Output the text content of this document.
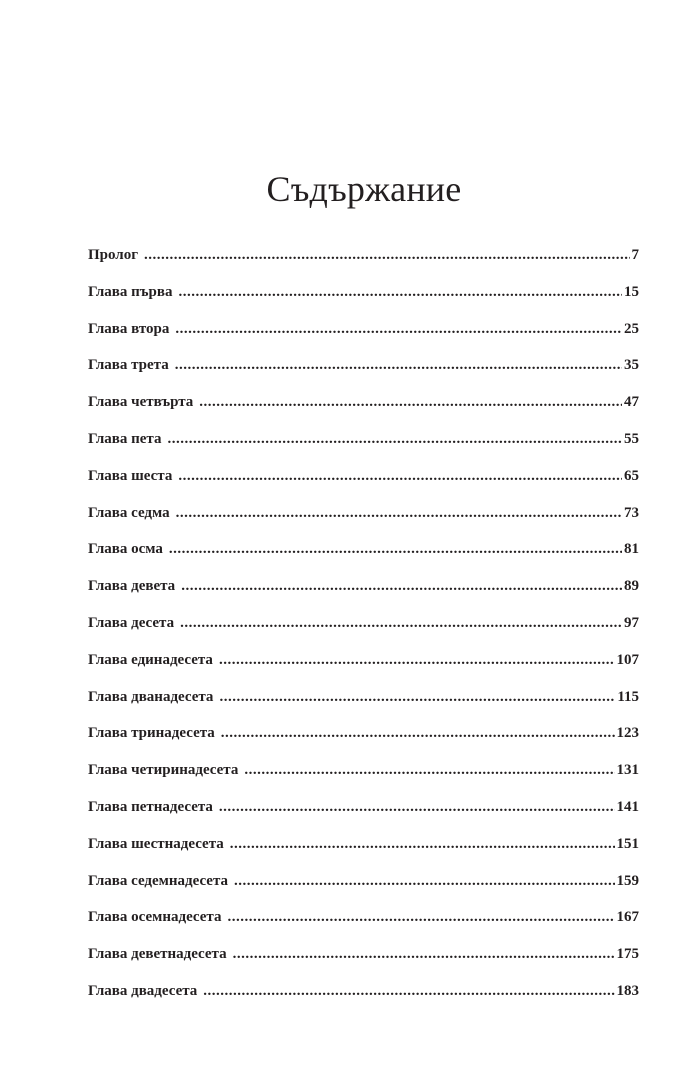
Съдържание
Пролог .....	7
Глава първа .....	15
Глава втора .....	25
Глава трета .....	35
Глава четвърта .....	47
Глава пета .....	55
Глава шеста .....	65
Глава седма .....	73
Глава осма .....	81
Глава девета .....	89
Глава десета .....	97
Глава единадесета .....	107
Глава дванадесета .....	115
Глава тринадесета .....	123
Глава четиринадесета .....	131
Глава петнадесета .....	141
Глава шестнадесета .....	151
Глава седемнадесета .....	159
Глава осемнадесета .....	167
Глава деветнадесета .....	175
Глава двадесета .....	183
